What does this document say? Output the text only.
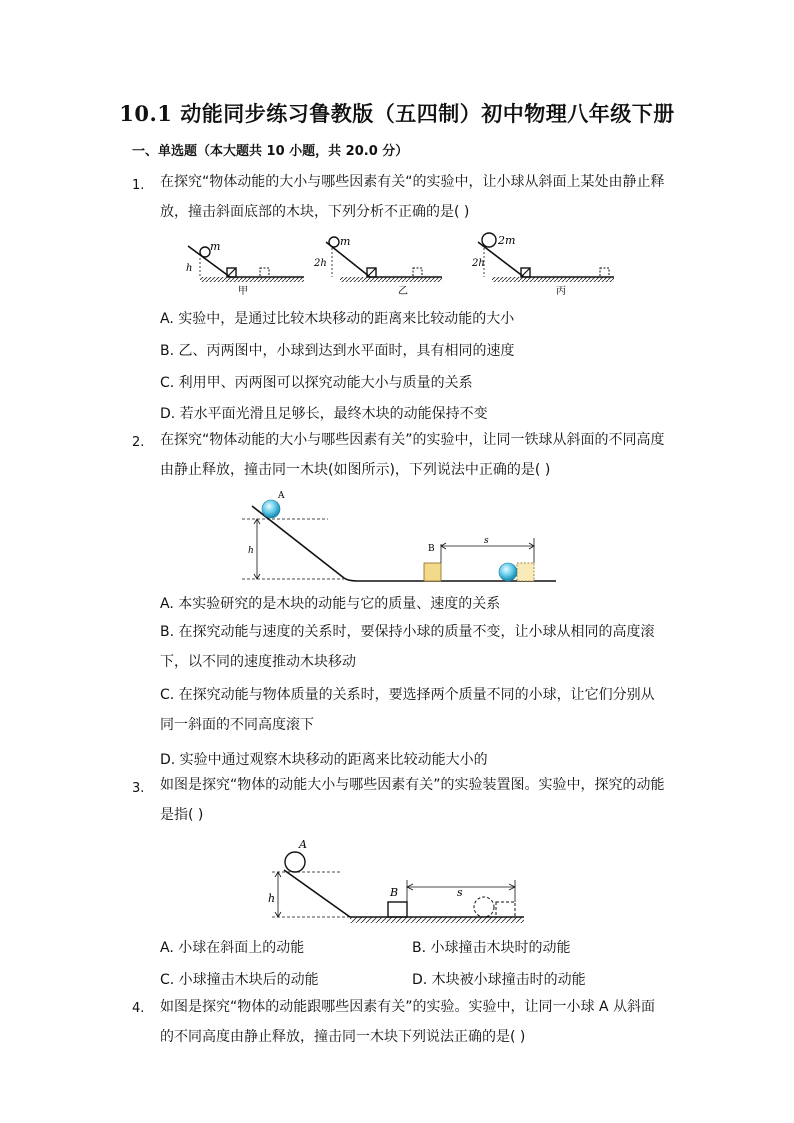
10.1 动能同步练习鲁教版（五四制）初中物理八年级下册
一、单选题（本大题共 10 小题，共 20.0 分）
1. 在探究“物体动能的大小与哪些因素有关“的实验中，让小球从斜面上某处由静止释放，撞击斜面底部的木块，下列分析不正确的是( )
m
h
甲
m
2h
乙
2m
2h
丙
A. 实验中，是通过比较木块移动的距离来比较动能的大小
B. 乙、丙两图中，小球到达到水平面时，具有相同的速度
C. 利用甲、丙两图可以探究动能大小与质量的关系
D. 若水平面光滑且足够长，最终木块的动能保持不变
2. 在探究“物体动能的大小与哪些因素有关”的实验中，让同一铁球从斜面的不同高度由静止释放，撞击同一木块(如图所示)，下列说法中正确的是( )
A
h	B
s
A. 本实验研究的是木块的动能与它的质量、速度的关系
B. 在探究动能与速度的关系时，要保持小球的质量不变，让小球从相同的高度滚下，以不同的速度推动木块移动
C. 在探究动能与物体质量的关系时，要选择两个质量不同的小球，让它们分别从同一斜面的不同高度滚下
D. 实验中通过观察木块移动的距离来比较动能大小的
3. 如图是探究“物体的动能大小与哪些因素有关”的实验装置图。实验中，探究的动能是指( )
A
h	B	s
A. 小球在斜面上的动能	B. 小球撞击木块时的动能
C. 小球撞击木块后的动能	D. 木块被小球撞击时的动能
4. 如图是探究“物体的动能跟哪些因素有关”的实验。实验中，让同一小球 A 从斜面的不同高度由静止释放，撞击同一木块下列说法正确的是( )
